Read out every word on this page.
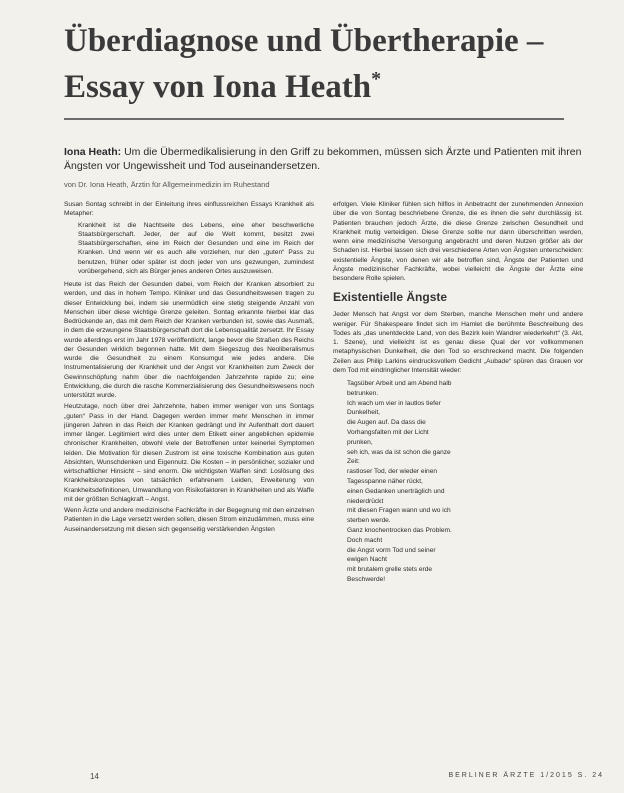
Überdiagnose und Übertherapie –
Essay von Iona Heath*

Iona Heath: Um die Übermedikalisierung in den Griff zu bekommen, müssen sich Ärzte und Patienten mit ihren Ängsten vor Ungewissheit und Tod auseinandersetzen.

von Dr. Iona Heath, Ärztin für Allgemeinmedizin im Ruhestand

Susan Sontag schreibt in der Einleitung ihres einflussreichen Essays Krankheit als Metapher:

Krankheit ist die Nachtseite des Lebens, eine eher beschwerliche Staatsbürgerschaft. Jeder, der auf die Welt kommt, besitzt zwei Staatsbürgerschaften, eine im Reich der Gesunden und eine im Reich der Kranken. Und wenn wir es auch alle vorziehen, nur den „guten“ Pass zu benutzen, früher oder später ist doch jeder von uns gezwungen, zumindest vorübergehend, sich als Bürger jenes anderen Ortes auszuweisen.

Heute ist das Reich der Gesunden dabei, vom Reich der Kranken absorbiert zu werden, und das in hohem Tempo. Kliniker und das Gesundheitswesen tragen zu dieser Entwicklung bei, indem sie unermüdlich eine stetig steigende Anzahl von Menschen über diese wichtige Grenze geleiten. Sontag erkannte hierbei klar das Bedrückende an, das mit dem Reich der Kranken verbunden ist, sowie das Ausmaß, in dem die erzwungene Staatsbürgerschaft dort die Lebensqualität zersetzt. Ihr Essay wurde allerdings erst im Jahr 1978 veröffentlicht, lange bevor die Straßen des Reichs der Gesunden wirklich begonnen hatte. Mit dem Siegeszug des Neoliberalismus wurde die Gesundheit zu einem Konsumgut wie jedes andere. Die Instrumentalisierung der Krankheit und der Angst vor Krankheiten zum Zweck der Gewinnschöpfung nahm über die nachfolgenden Jahrzehnte rapide zu; eine Entwicklung, die durch die rasche Kommerzialisierung des Gesundheitswesens noch unterstützt wurde.

Heutzutage, noch über drei Jahrzehnte, haben immer weniger von uns Sontags „guten“ Pass in der Hand. Dagegen werden immer mehr Menschen in immer jüngeren Jahren in das Reich der Kranken gedrängt und ihr Aufenthalt dort dauert immer länger. Legitimiert wird dies unter dem Etikett einer angeblichen epidemie chronischer Krankheiten, obwohl viele der Betroffenen unter keinerlei Symptomen leiden. Die Motivation für diesen Zustrom ist eine toxische Kombination aus guten Absichten, Wunschdenken und Eigennutz. Die Kosten – in persönlicher, sozialer und wirtschaftlicher Hinsicht – sind enorm. Die wichtigsten Waffen sind: Loslösung des Krankheitskonzeptes von tatsächlich erfahrenem Leiden, Erweiterung von Krankheitsdefinitionen, Umwandlung von Risikofaktoren in Krankheiten und als Waffe mit der größten Schlagkraft – Angst.

Wenn Ärzte und andere medizinische Fachkräfte in der Begegnung mit den einzelnen Patienten in die Lage versetzt werden sollen, diesen Strom einzudämmen, muss eine Auseinandersetzung mit diesen sich gegenseitig verstärkenden Ängsten

erfolgen. Viele Kliniker fühlen sich hilflos in Anbetracht der zunehmenden Annexion über die von Sontag beschriebene Grenze, die es ihnen die sehr durchlässig ist. Patienten brauchen jedoch Ärzte, die diese Grenze zwischen Gesundheit und Krankheit mutig verteidigen. Diese Grenze sollte nur dann überschritten werden, wenn eine medizinische Versorgung angebracht und deren Nutzen größer als der Schaden ist. Hierbei lassen sich drei verschiedene Arten von Ängsten unterscheiden: existentielle Ängste, von denen wir alle betroffen sind, Ängste der Patienten und Ängste medizinischer Fachkräfte, wobei vielleicht die Ängste der Ärzte eine besondere Rolle spielen.

Existentielle Ängste

Jeder Mensch hat Angst vor dem Sterben, manche Menschen mehr und andere weniger. Für Shakespeare findet sich im Hamlet die berühmte Beschreibung des Todes als „das unentdeckte Land, von des Bezirk kein Wandrer wiederkehrt“ (3. Akt, 1. Szene), und vielleicht ist es genau diese Qual der vor vollkommenen metaphysischen Dunkelheit, die den Tod so erschreckend macht. Die folgenden Zeilen aus Philip Larkins eindrucksvollem Gedicht „Aubade“ spüren das Grauen vor dem Tod mit eindringlicher Intensität wieder:

Tagsüber Arbeit und am Abend halb
betrunken.
Ich wach um vier in lautlos tiefer
Dunkelheit,
die Augen auf. Da dass die
Vorhangsfalten mit der Licht
prunken,
seh ich, was da ist schon die ganze
Zeit:
rastloser Tod, der wieder einen
Tagesspanne näher rückt,
einen Gedanken unerträglich und
niederdrückt
mit diesen Fragen wann und wo ich
sterben werde.
Ganz knochentrocken das Problem.
Doch macht
die Angst vorm Tod und seiner
ewigen Nacht
mit brutalem grelle stets erde
Beschwerde!
14	BERLINER ÄRZTE 1/2015 S. 24
